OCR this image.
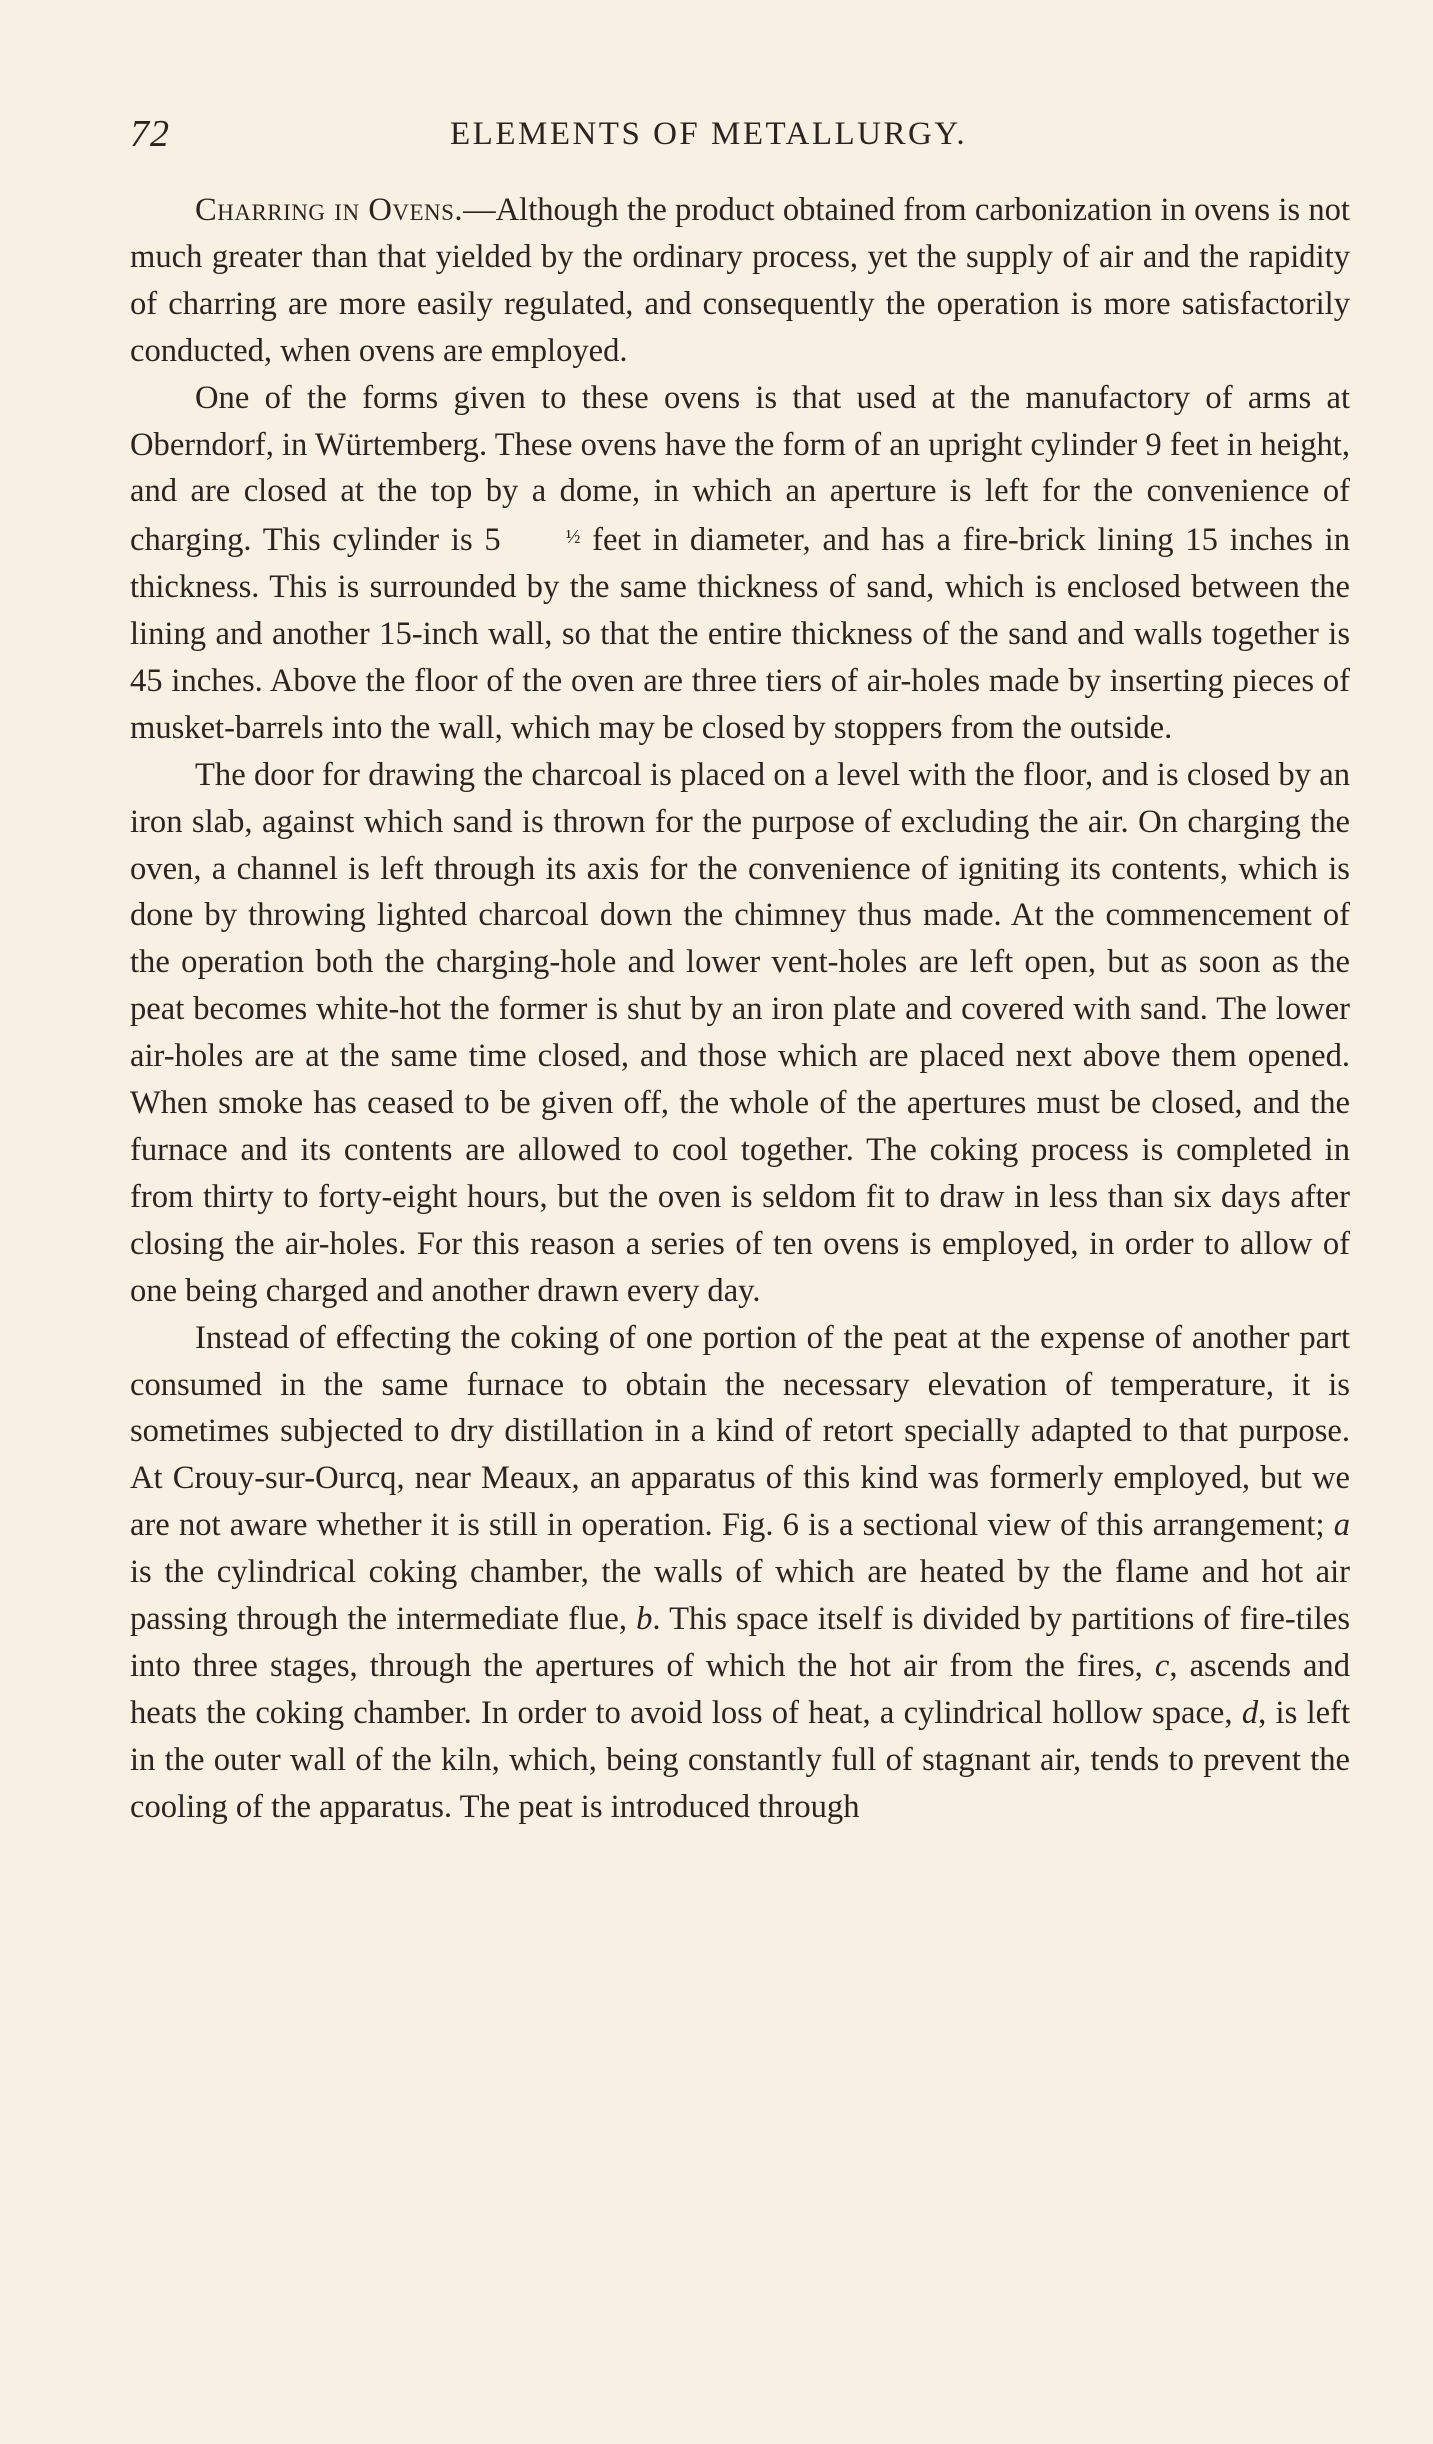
72	ELEMENTS OF METALLURGY.

Charring in Ovens.—Although the product obtained from carbonization in ovens is not much greater than that yielded by the ordinary process, yet the supply of air and the rapidity of charring are more easily regulated, and consequently the operation is more satisfactorily conducted, when ovens are employed.

One of the forms given to these ovens is that used at the manufactory of arms at Oberndorf, in Würtemberg. These ovens have the form of an upright cylinder 9 feet in height, and are closed at the top by a dome, in which an aperture is left for the convenience of charging. This cylinder is 5	½ feet in diameter, and has a fire-brick lining 15 inches in thickness. This is surrounded by the same thickness of sand, which is enclosed between the lining and another 15-inch wall, so that the entire thickness of the sand and walls together is 45 inches. Above the floor of the oven are three tiers of air-holes made by inserting pieces of musket-barrels into the wall, which may be closed by stoppers from the outside.

The door for drawing the charcoal is placed on a level with the floor, and is closed by an iron slab, against which sand is thrown for the purpose of excluding the air. On charging the oven, a channel is left through its axis for the convenience of igniting its contents, which is done by throwing lighted charcoal down the chimney thus made. At the commencement of the operation both the charging-hole and lower vent-holes are left open, but as soon as the peat becomes white-hot the former is shut by an iron plate and covered with sand. The lower air-holes are at the same time closed, and those which are placed next above them opened. When smoke has ceased to be given off, the whole of the apertures must be closed, and the furnace and its contents are allowed to cool together. The coking process is completed in from thirty to forty-eight hours, but the oven is seldom fit to draw in less than six days after closing the air-holes. For this reason a series of ten ovens is employed, in order to allow of one being charged and another drawn every day.

Instead of effecting the coking of one portion of the peat at the expense of another part consumed in the same furnace to obtain the necessary elevation of temperature, it is sometimes subjected to dry distillation in a kind of retort specially adapted to that purpose. At Crouy-sur-Ourcq, near Meaux, an apparatus of this kind was formerly employed, but we are not aware whether it is still in operation. Fig. 6 is a sectional view of this arrangement; a is the cylindrical coking chamber, the walls of which are heated by the flame and hot air passing through the intermediate flue, b. This space itself is divided by partitions of fire-tiles into three stages, through the apertures of which the hot air from the fires, c, ascends and heats the coking chamber. In order to avoid loss of heat, a cylindrical hollow space, d, is left in the outer wall of the kiln, which, being constantly full of stagnant air, tends to prevent the cooling of the apparatus. The peat is introduced through
